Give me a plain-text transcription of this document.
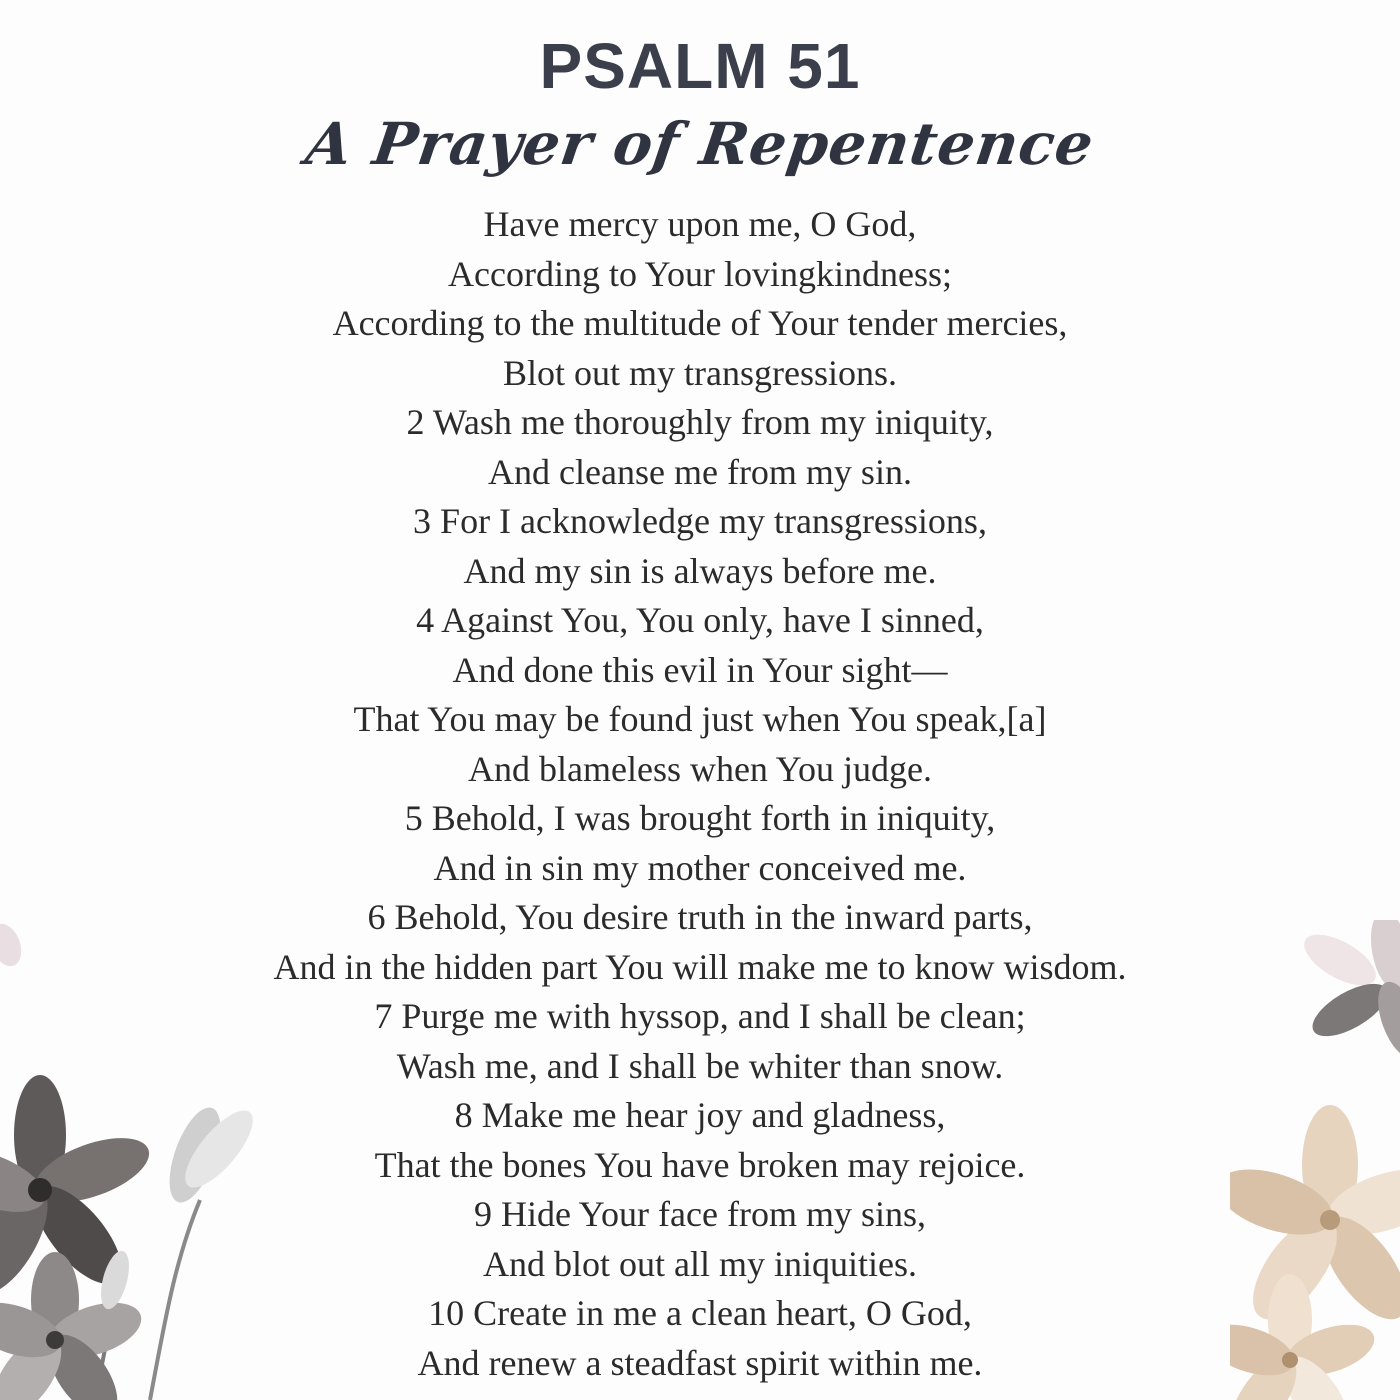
PSALM 51
A Prayer of Repentence
Have mercy upon me, O God,
According to Your lovingkindness;
According to the multitude of Your tender mercies,
Blot out my transgressions.
2 Wash me thoroughly from my iniquity,
And cleanse me from my sin.
3 For I acknowledge my transgressions,
And my sin is always before me.
4 Against You, You only, have I sinned,
And done this evil in Your sight—
That You may be found just when You speak,[a]
And blameless when You judge.
5 Behold, I was brought forth in iniquity,
And in sin my mother conceived me.
6 Behold, You desire truth in the inward parts,
And in the hidden part You will make me to know wisdom.
7 Purge me with hyssop, and I shall be clean;
Wash me, and I shall be whiter than snow.
8 Make me hear joy and gladness,
That the bones You have broken may rejoice.
9 Hide Your face from my sins,
And blot out all my iniquities.
10 Create in me a clean heart, O God,
And renew a steadfast spirit within me.
